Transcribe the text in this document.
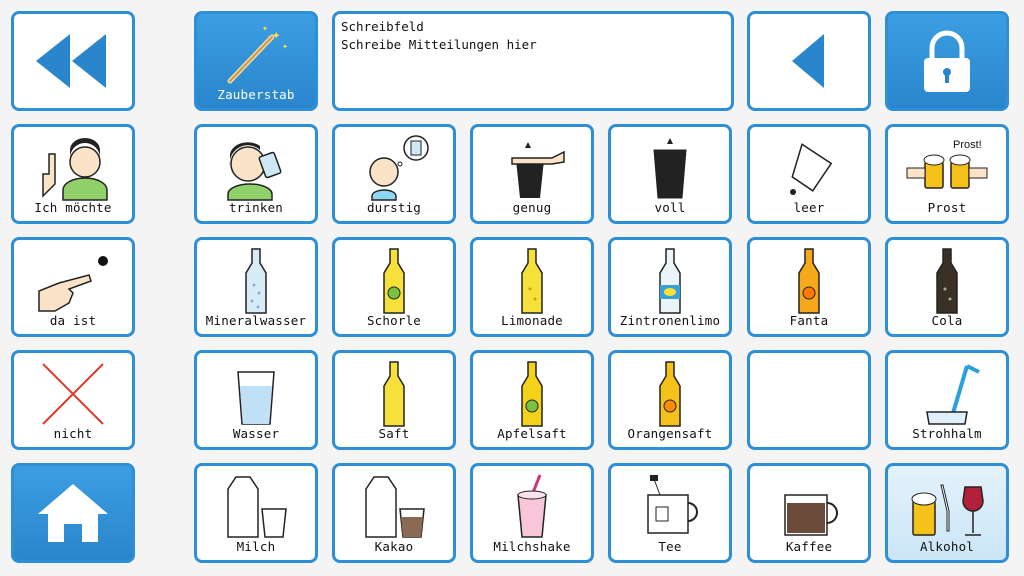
✦
✦
✦
Zauberstab
Schreibfeld
Schreibe Mitteilungen hier
Ich möchte	trinken	durstig	genug	voll	leer
Prost!
Prost
da ist	Mineralwasser	Schorle	Limonade	Zintronenlimo	Fanta	Cola
nicht	Wasser	Saft	Apfelsaft	Orangensaft	Strohhalm
Milch	Kakao	Milchshake	Tee	Kaffee	Alkohol
